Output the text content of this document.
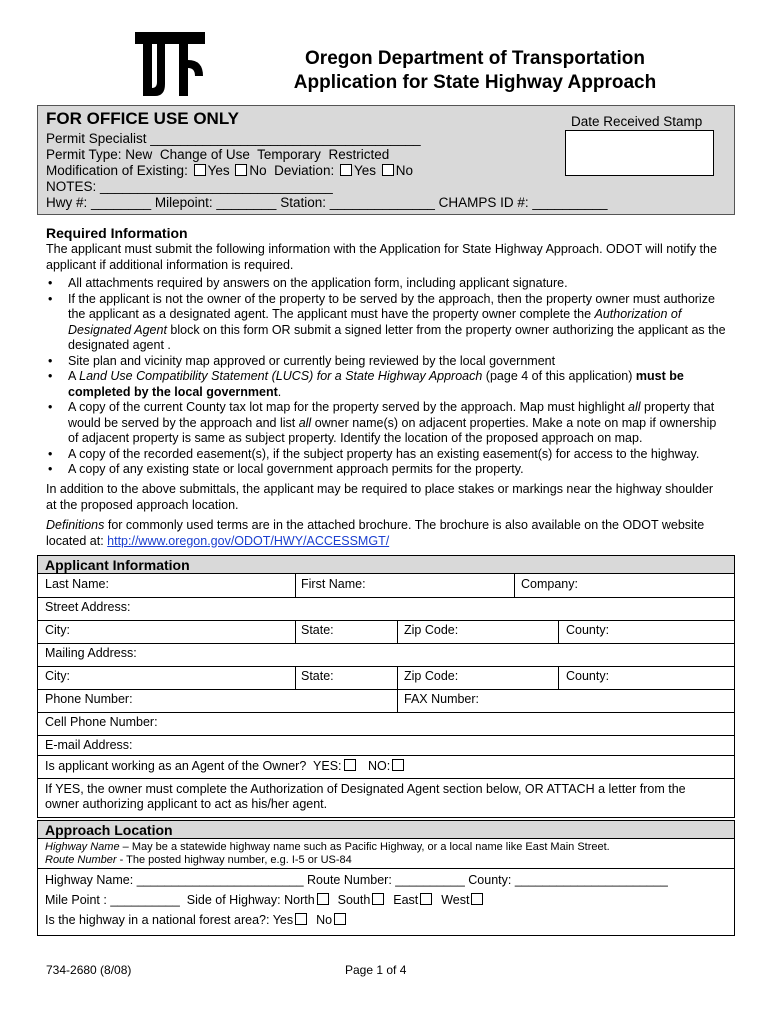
Oregon Department of Transportation
Application for State Highway Approach
FOR OFFICE USE ONLY	Date Received Stamp
Permit Specialist ____________________________________
Permit Type: New Change of Use Temporary Restricted
Modification of Existing: Yes No Deviation: Yes No
NOTES: _______________________________
Hwy #: ________ Milepoint: ________ Station: ______________ CHAMPS ID #: __________
Required Information
The applicant must submit the following information with the Application for State Highway Approach. ODOT will notify the applicant if additional information is required.
• All attachments required by answers on the application form, including applicant signature.
• If the applicant is not the owner of the property to be served by the approach, then the property owner must authorize the applicant as a designated agent. The applicant must have the property owner complete the Authorization of Designated Agent block on this form OR submit a signed letter from the property owner authorizing the applicant as the designated agent .
• Site plan and vicinity map approved or currently being reviewed by the local government
• A Land Use Compatibility Statement (LUCS) for a State Highway Approach (page 4 of this application) must be completed by the local government.
• A copy of the current County tax lot map for the property served by the approach. Map must highlight all property that would be served by the approach and list all owner name(s) on adjacent properties. Make a note on map if ownership of adjacent property is same as subject property. Identify the location of the proposed approach on map.
• A copy of the recorded easement(s), if the subject property has an existing easement(s) for access to the highway.
• A copy of any existing state or local government approach permits for the property.
In addition to the above submittals, the applicant may be required to place stakes or markings near the highway shoulder at the proposed approach location.
Definitions for commonly used terms are in the attached brochure. The brochure is also available on the ODOT website located at: http://www.oregon.gov/ODOT/HWY/ACCESSMGT/
Applicant Information
Last Name:	First Name:	Company:
Street Address:
City:	State:	Zip Code:	County:
Mailing Address:
City:	State:	Zip Code:	County:
Phone Number:	FAX Number:
Cell Phone Number:
E-mail Address:
Is applicant working as an Agent of the Owner? YES: NO:
If YES, the owner must complete the Authorization of Designated Agent section below, OR ATTACH a letter from the owner authorizing applicant to act as his/her agent.
Approach Location
Highway Name – May be a statewide highway name such as Pacific Highway, or a local name like East Main Street.
Route Number - The posted highway number, e.g. I-5 or US-84
Highway Name: ________________________ Route Number: __________ County: ______________________
Mile Point : __________ Side of Highway: North South East West
Is the highway in a national forest area?: Yes No
734-2680 (8/08)	Page 1 of 4
